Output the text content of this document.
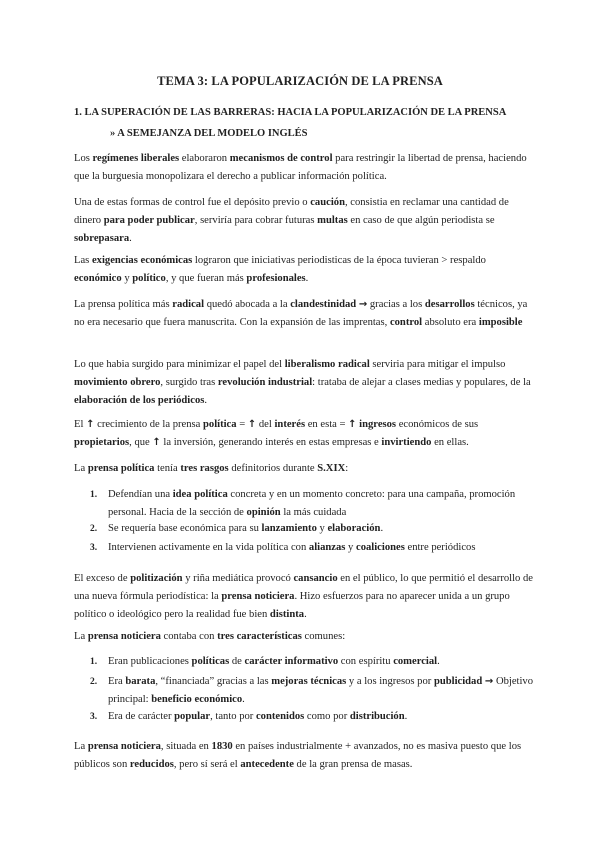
TEMA 3: LA POPULARIZACIÓN DE LA PRENSA
1. LA SUPERACIÓN DE LAS BARRERAS: HACIA LA POPULARIZACIÓN DE LA PRENSA
» A SEMEJANZA DEL MODELO INGLÉS

Los regímenes liberales elaboraron mecanismos de control para restringir la libertad de prensa, haciendo que la burguesia monopolizara el derecho a publicar información política.

Una de estas formas de control fue el depósito previo o caución, consistia en reclamar una cantidad de dinero para poder publicar, serviría para cobrar futuras multas en caso de que algún periodista se sobrepasara.

Las exigencias económicas lograron que iniciativas periodisticas de la época tuvieran > respaldo económico y político, y que fueran más profesionales.

La prensa política más radical quedó abocada a la clandestinidad → gracias a los desarrollos técnicos, ya no era necesario que fuera manuscrita. Con la expansión de las imprentas, control absoluto era imposible

Lo que habia surgido para minimizar el papel del liberalismo radical serviria para mitigar el impulso movimiento obrero, surgido tras revolución industrial: trataba de alejar a clases medias y populares, de la elaboración de los periódicos.

El ↑ crecimiento de la prensa política = ↑ del interés en esta = ↑ ingresos económicos de sus propietarios, que ↑ la inversión, generando interés en estas empresas e invirtiendo en ellas.

La prensa política tenía tres rasgos definitorios durante S.XIX:

1. Defendían una idea política concreta y en un momento concreto: para una campaña, promoción personal. Hacia de la sección de opinión la más cuidada
2. Se requería base económica para su lanzamiento y elaboración.
3. Intervienen activamente en la vida política con alianzas y coaliciones entre periódicos

El exceso de politización y riña mediática provocó cansancio en el público, lo que permitió el desarrollo de una nueva fórmula periodística: la prensa noticiera. Hizo esfuerzos para no aparecer unida a un grupo político o ideológico pero la realidad fue bien distinta.

La prensa noticiera contaba con tres características comunes:

1. Eran publicaciones políticas de carácter informativo con espíritu comercial.
2. Era barata, “financiada” gracias a las mejoras técnicas y a los ingresos por publicidad → Objetivo principal: beneficio económico.
3. Era de carácter popular, tanto por contenidos como por distribución.

La prensa noticiera, situada en 1830 en países industrialmente + avanzados, no es masiva puesto que los públicos son reducidos, pero sí será el antecedente de la gran prensa de masas.
